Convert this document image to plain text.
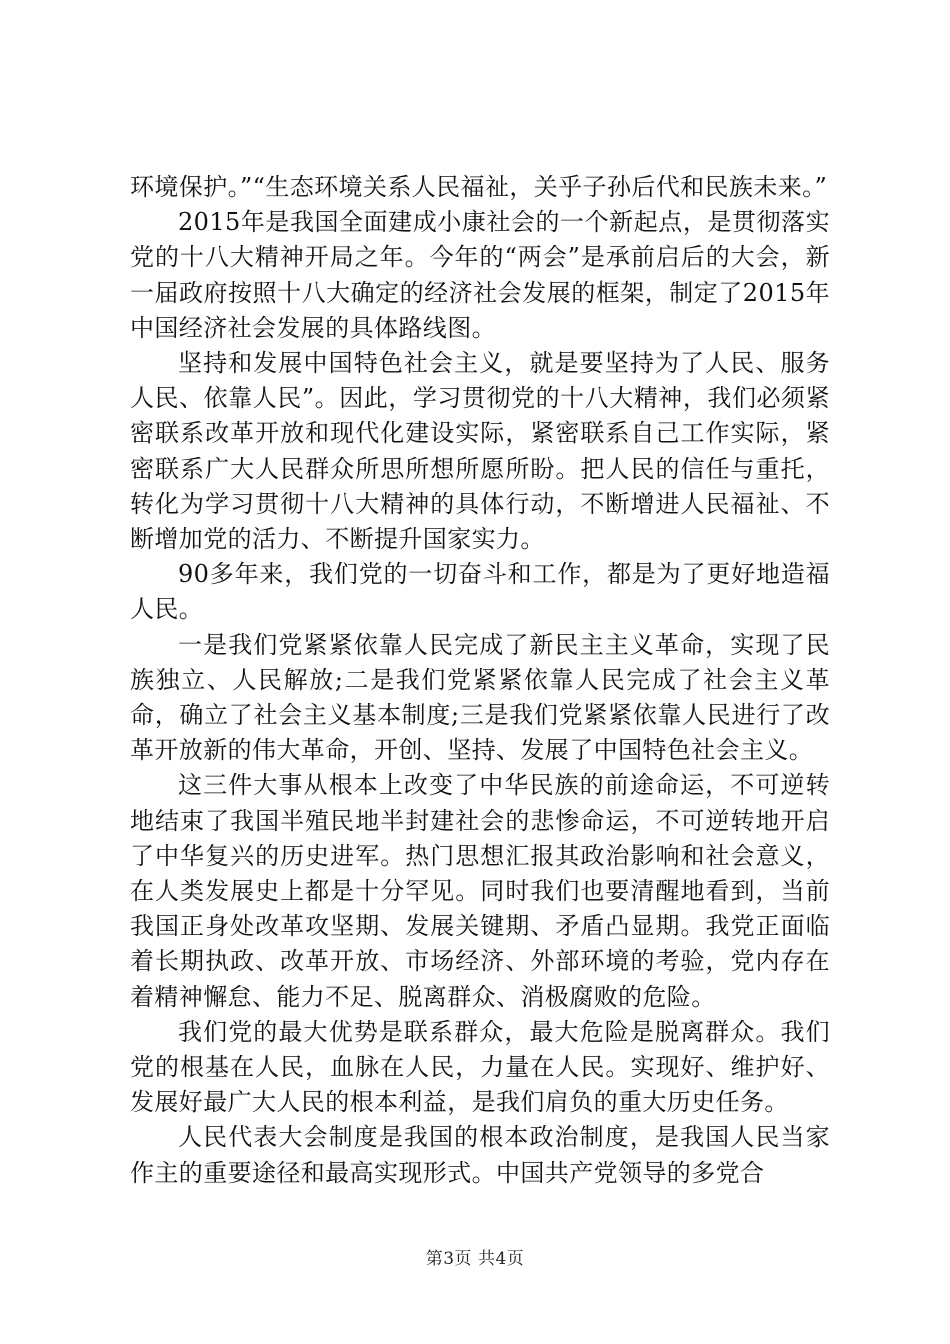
环境保护。”“生态环境关系人民福祉，关乎子孙后代和民族未来。”

2015年是我国全面建成小康社会的一个新起点，是贯彻落实党的十八大精神开局之年。今年的“两会”是承前启后的大会，新一届政府按照十八大确定的经济社会发展的框架，制定了2015年中国经济社会发展的具体路线图。

坚持和发展中国特色社会主义，就是要坚持为了人民、服务人民、依靠人民”。因此，学习贯彻党的十八大精神，我们必须紧密联系改革开放和现代化建设实际，紧密联系自己工作实际，紧密联系广大人民群众所思所想所愿所盼。把人民的信任与重托，转化为学习贯彻十八大精神的具体行动，不断增进人民福祉、不断增加党的活力、不断提升国家实力。

90多年来，我们党的一切奋斗和工作，都是为了更好地造福人民。

一是我们党紧紧依靠人民完成了新民主主义革命，实现了民族独立、人民解放;二是我们党紧紧依靠人民完成了社会主义革命，确立了社会主义基本制度;三是我们党紧紧依靠人民进行了改革开放新的伟大革命，开创、坚持、发展了中国特色社会主义。

这三件大事从根本上改变了中华民族的前途命运，不可逆转地结束了我国半殖民地半封建社会的悲惨命运，不可逆转地开启了中华复兴的历史进军。热门思想汇报其政治影响和社会意义，在人类发展史上都是十分罕见。同时我们也要清醒地看到，当前我国正身处改革攻坚期、发展关键期、矛盾凸显期。我党正面临着长期执政、改革开放、市场经济、外部环境的考验，党内存在着精神懈怠、能力不足、脱离群众、消极腐败的危险。

我们党的最大优势是联系群众，最大危险是脱离群众。我们党的根基在人民，血脉在人民，力量在人民。实现好、维护好、发展好最广大人民的根本利益，是我们肩负的重大历史任务。

人民代表大会制度是我国的根本政治制度，是我国人民当家作主的重要途径和最高实现形式。中国共产党领导的多党合

第3页 共4页
